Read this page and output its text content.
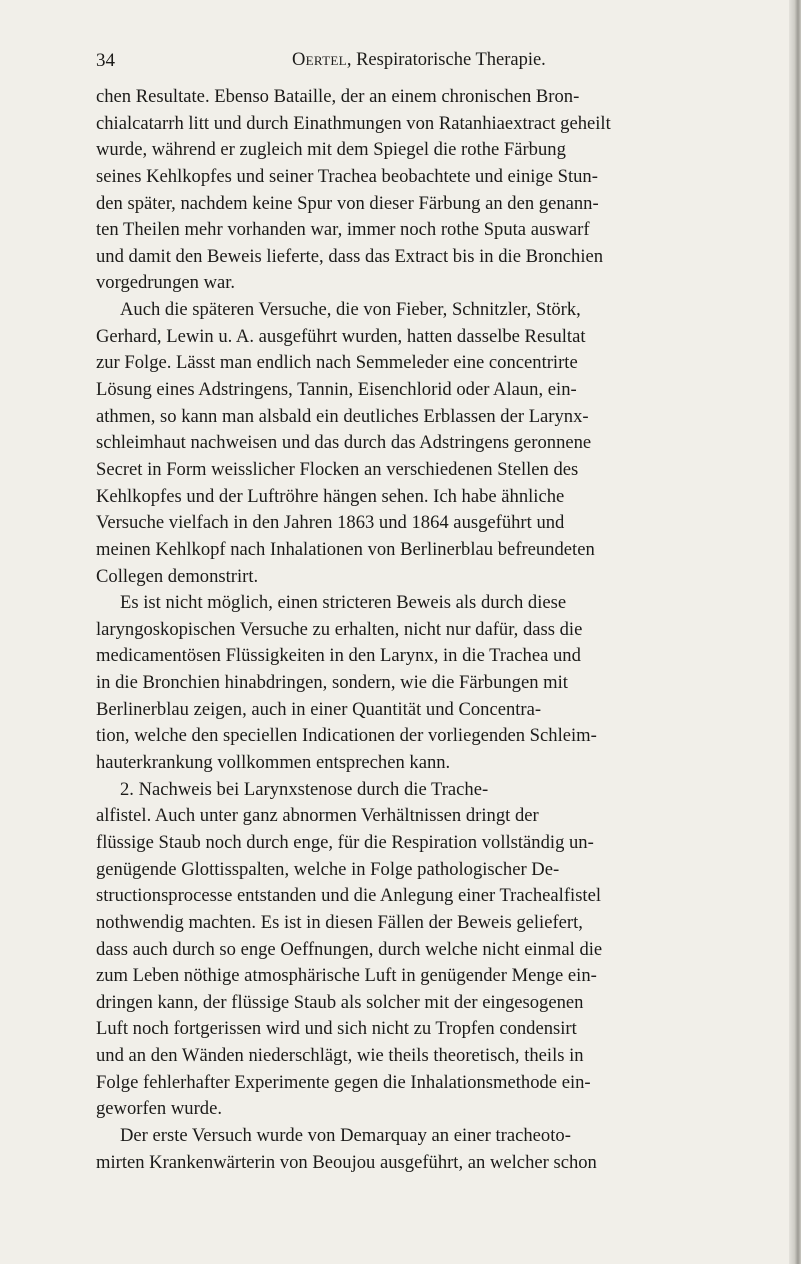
34	Oertel, Respiratorische Therapie.
chen Resultate. Ebenso Bataille, der an einem chronischen Bron-
chialcatarrh litt und durch Einathmungen von Ratanhiaextract geheilt
wurde, während er zugleich mit dem Spiegel die rothe Färbung
seines Kehlkopfes und seiner Trachea beobachtete und einige Stun-
den später, nachdem keine Spur von dieser Färbung an den genann-
ten Theilen mehr vorhanden war, immer noch rothe Sputa auswarf
und damit den Beweis lieferte, dass das Extract bis in die Bronchien
vorgedrungen war.
Auch die späteren Versuche, die von Fieber, Schnitzler, Störk,
Gerhard, Lewin u. A. ausgeführt wurden, hatten dasselbe Resultat
zur Folge. Lässt man endlich nach Semmeleder eine concentrirte
Lösung eines Adstringens, Tannin, Eisenchlorid oder Alaun, ein-
athmen, so kann man alsbald ein deutliches Erblassen der Larynx-
schleimhaut nachweisen und das durch das Adstringens geronnene
Secret in Form weisslicher Flocken an verschiedenen Stellen des
Kehlkopfes und der Luftröhre hängen sehen. Ich habe ähnliche
Versuche vielfach in den Jahren 1863 und 1864 ausgeführt und
meinen Kehlkopf nach Inhalationen von Berlinerblau befreundeten
Collegen demonstrirt.
Es ist nicht möglich, einen stricteren Beweis als durch diese
laryngoskopischen Versuche zu erhalten, nicht nur dafür, dass die
medicamentösen Flüssigkeiten in den Larynx, in die Trachea und
in die Bronchien hinabdringen, sondern, wie die Färbungen mit
Berlinerblau zeigen, auch in einer Quantität und Concentra-
tion, welche den speciellen Indicationen der vorliegenden Schleim-
hauterkrankung vollkommen entsprechen kann.
2. Nachweis bei Larynxstenose durch die Trache-
alfistel. Auch unter ganz abnormen Verhältnissen dringt der
flüssige Staub noch durch enge, für die Respiration vollständig un-
genügende Glottisspalten, welche in Folge pathologischer De-
structionsprocesse entstanden und die Anlegung einer Trachealfistel
nothwendig machten. Es ist in diesen Fällen der Beweis geliefert,
dass auch durch so enge Oeffnungen, durch welche nicht einmal die
zum Leben nöthige atmosphärische Luft in genügender Menge ein-
dringen kann, der flüssige Staub als solcher mit der eingesogenen
Luft noch fortgerissen wird und sich nicht zu Tropfen condensirt
und an den Wänden niederschlägt, wie theils theoretisch, theils in
Folge fehlerhafter Experimente gegen die Inhalationsmethode ein-
geworfen wurde.
Der erste Versuch wurde von Demarquay an einer tracheoto-
mirten Krankenwärterin von Beoujou ausgeführt, an welcher schon
